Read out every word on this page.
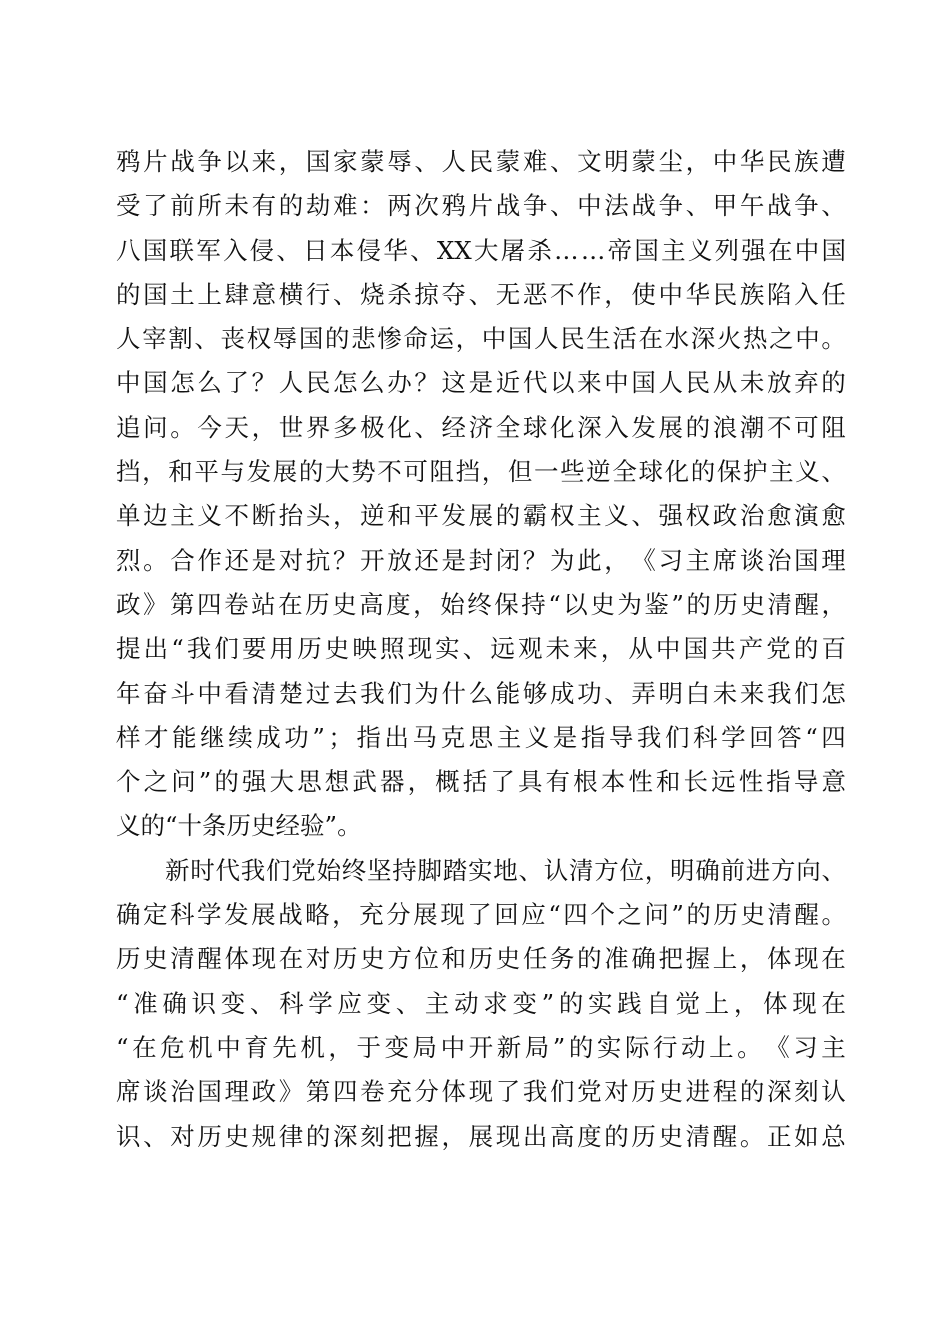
鸦 片 战 争 以 来 ， 国 家 蒙 辱 、 人 民 蒙 难 、 文 明 蒙 尘 ， 中 华 民 族 遭
受 了 前 所 未 有 的 劫 难 ： 两 次 鸦 片 战 争 、 中 法 战 争 、 甲 午 战 争 、
八 国 联 军 入 侵 、 日 本 侵 华 、 XX 大 屠 杀 … … 帝 国 主 义 列 强 在 中 国
的 国 土 上 肆 意 横 行 、 烧 杀 掠 夺 、 无 恶 不 作 ， 使 中 华 民 族 陷 入 任
人 宰 割 、 丧 权 辱 国 的 悲 惨 命 运 ， 中 国 人 民 生 活 在 水 深 火 热 之 中 。
中 国 怎 么 了 ？ 人 民 怎 么 办 ？ 这 是 近 代 以 来 中 国 人 民 从 未 放 弃 的
追 问 。 今 天 ， 世 界 多 极 化 、 经 济 全 球 化 深 入 发 展 的 浪 潮 不 可 阻
挡 ， 和 平 与 发 展 的 大 势 不 可 阻 挡 ， 但 一 些 逆 全 球 化 的 保 护 主 义 、
单 边 主 义 不 断 抬 头 ， 逆 和 平 发 展 的 霸 权 主 义 、 强 权 政 治 愈 演 愈
烈 。 合 作 还 是 对 抗 ？ 开 放 还 是 封 闭 ？ 为 此 ， 《 习 主 席 谈 治 国 理
政 》 第 四 卷 站 在 历 史 高 度 ， 始 终 保 持 “ 以 史 为 鉴 ” 的 历 史 清 醒 ，
提 出 “ 我 们 要 用 历 史 映 照 现 实 、 远 观 未 来 ， 从 中 国 共 产 党 的 百
年 奋 斗 中 看 清 楚 过 去 我 们 为 什 么 能 够 成 功 、 弄 明 白 未 来 我 们 怎
样 才 能 继 续 成 功 ” ； 指 出 马 克 思 主 义 是 指 导 我 们 科 学 回 答 “ 四
个 之 问 ” 的 强 大 思 想 武 器 ， 概 括 了 具 有 根 本 性 和 长 远 性 指 导 意
义 的 “ 十 条 历 史 经 验 ” 。
新 时 代 我 们 党 始 终 坚 持 脚 踏 实 地 、 认 清 方 位 ， 明 确 前 进 方 向 、
确 定 科 学 发 展 战 略 ， 充 分 展 现 了 回 应 “ 四 个 之 问 ” 的 历 史 清 醒 。
历 史 清 醒 体 现 在 对 历 史 方 位 和 历 史 任 务 的 准 确 把 握 上 ， 体 现 在
“ 准 确 识 变 、 科 学 应 变 、 主 动 求 变 ” 的 实 践 自 觉 上 ， 体 现 在
“ 在 危 机 中 育 先 机 ， 于 变 局 中 开 新 局 ” 的 实 际 行 动 上 。 《 习 主
席 谈 治 国 理 政 》 第 四 卷 充 分 体 现 了 我 们 党 对 历 史 进 程 的 深 刻 认
识 、 对 历 史 规 律 的 深 刻 把 握 ， 展 现 出 高 度 的 历 史 清 醒 。 正 如 总
